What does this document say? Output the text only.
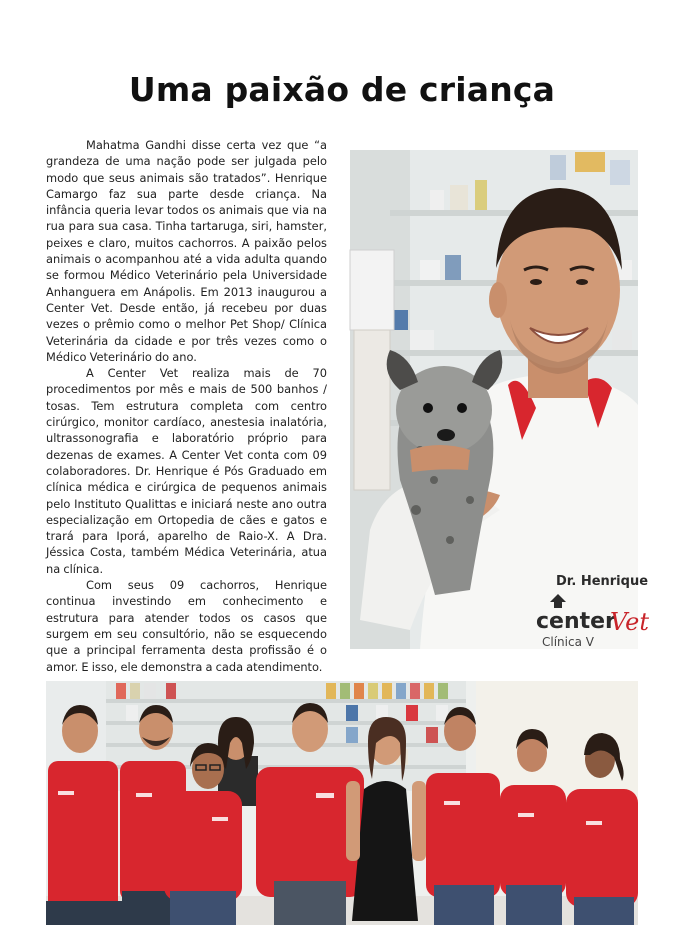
Uma paixão de criança

Mahatma Gandhi disse certa vez que “a grandeza de uma nação pode ser julgada pelo modo que seus animais são tratados”. Henrique Camargo faz sua parte desde criança. Na infância queria levar todos os animais que via na rua para sua casa. Tinha tartaruga, siri, hamster, peixes e claro, muitos cachorros. A paixão pelos animais o acompanhou até a vida adulta quando se formou Médico Veterinário pela Universidade Anhanguera em Anápolis. Em 2013 inaugurou a Center Vet. Desde então, já recebeu por duas vezes o prêmio como o melhor Pet Shop/ Clínica Veterinária da cidade e por três vezes como o Médico Veterinário do ano.

A Center Vet realiza mais de 70 procedimentos por mês e mais de 500 banhos / tosas. Tem estrutura completa com centro cirúrgico, monitor cardíaco, anestesia inalatória, ultrassonografia e laboratório próprio para dezenas de exames. A Center Vet conta com 09 colaboradores. Dr. Henrique é Pós Graduado em clínica médica e cirúrgica de pequenos animais pelo Instituto Qualittas e iniciará neste ano outra especialização em Ortopedia de cães e gatos e trará para Iporá, aparelho de Raio-X. A Dra. Jéssica Costa, também Médica Veterinária, atua na clínica.

Com seus 09 cachorros, Henrique continua investindo em conhecimento e estrutura para atender todos os casos que surgem em seu consultório, não se esquecendo que a principal ferramenta desta profissão é o amor. E isso, ele demonstra a cada atendimento.

Dr. Henrique
center
Vet
Clínica V
